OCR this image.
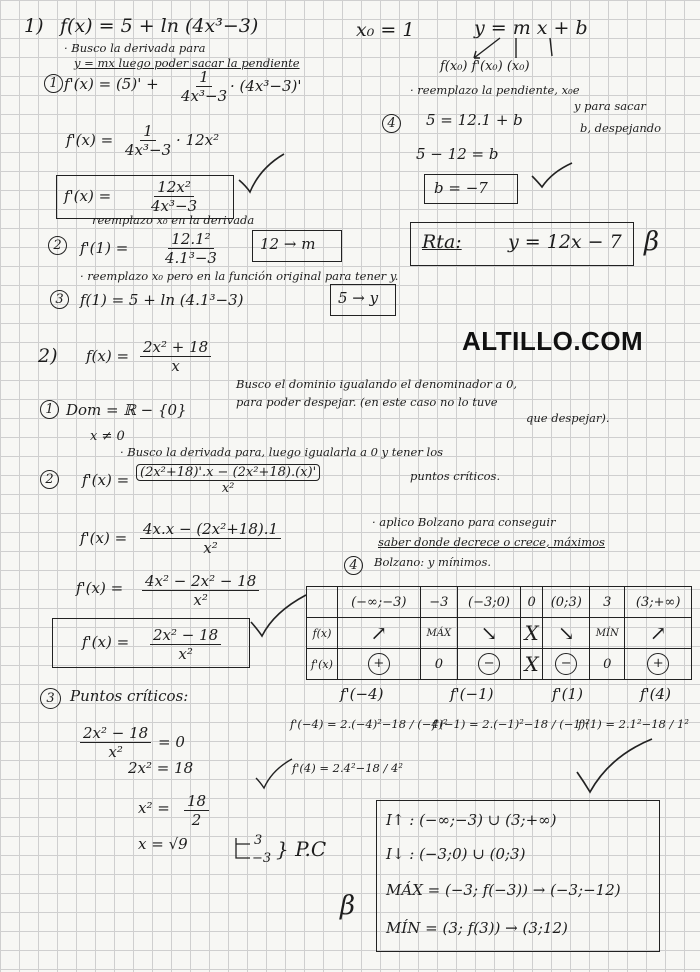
1) f(x) = 5 + ln (4x³−3)	x₀ = 1	y = m x + b
f(x₀) f'(x₀) (x₀)
· Busco la derivada para
y = mx luego poder sacar la pendiente
1 $f'(x) = (5)' + \frac{1}{\text{4x³−3}} \cdot (4x^3-3)'$
$f'(x) = \frac{1}{\text{4x³−3}} \cdot 12x^2$
$f'(x) = \frac{\text{12x²}}{\text{4x³−3}}$
reemplazo x₀ en la derivada
2	$f'(1) = \frac{\text{12.1²}}{\text{4.1³−3}}$	12 → m
· reemplazo x₀ pero en la función original para tener y.
3	f(1) = 5 + ln (4.1³−3)	5 → y
4
· reemplazo la pendiente, x₀e
y para sacar
b, despejando
5 = 12.1 + b
5 − 12 = b
b = −7
Rta: y = 12x − 7 β
ALTILLO.COM
2) $f(x) = \frac{\text{2x² + 18}}{x}$
Busco el dominio igualando el denominador a 0,
para poder despejar. (en este caso no lo tuve
que despejar).
1 Dom = ℝ − {0}
x ≠ 0
· Busco la derivada para, luego igualarla a 0 y tener los
puntos críticos.
2	$f'(x) = \frac{\text{(2x²+18)'.x − (2x²+18).(x)'}}{\text{x²}}$
$f'(x) = \frac{\text{4x.x − (2x²+18).1}}{\text{x²}}$
$f'(x) = \frac{\text{4x² − 2x² − 18}}{\text{x²}}$
$f'(x) = \frac{\text{2x² − 18}}{\text{x²}}$
· aplico Bolzano para conseguir
saber donde decrece o crece, máximos
4	Bolzano: y mínimos.
	(−∞;−3)	−3	(−3;0)	0	(0;3)	3	(3;+∞)
f(x)	↗	MÁX	↘	X	↘	MÍN	↗
f'(x)	+	0	−	X	−	0	+
f'(−4)	f'(−1)	f'(1)	f'(4)
3	Puntos críticos:
$\frac{\text{2x² − 18}}{\text{x²}} = 0$
2x² = 18
$x^2 = \frac{18}{2}$
x = √9	3
−3 } P.C
f'(−4) = 2.(−4)²−18 / (−4)²
f'(−1) = 2.(−1)²−18 / (−1)²
f'(1) = 2.1²−18 / 1²
f'(4) = 2.4²−18 / 4²
I↑ : (−∞;−3) ∪ (3;+∞)
I↓ : (−3;0) ∪ (0;3)
MÁX = (−3; f(−3)) → (−3;−12)
MÍN = (3; f(3)) → (3;12)
β
